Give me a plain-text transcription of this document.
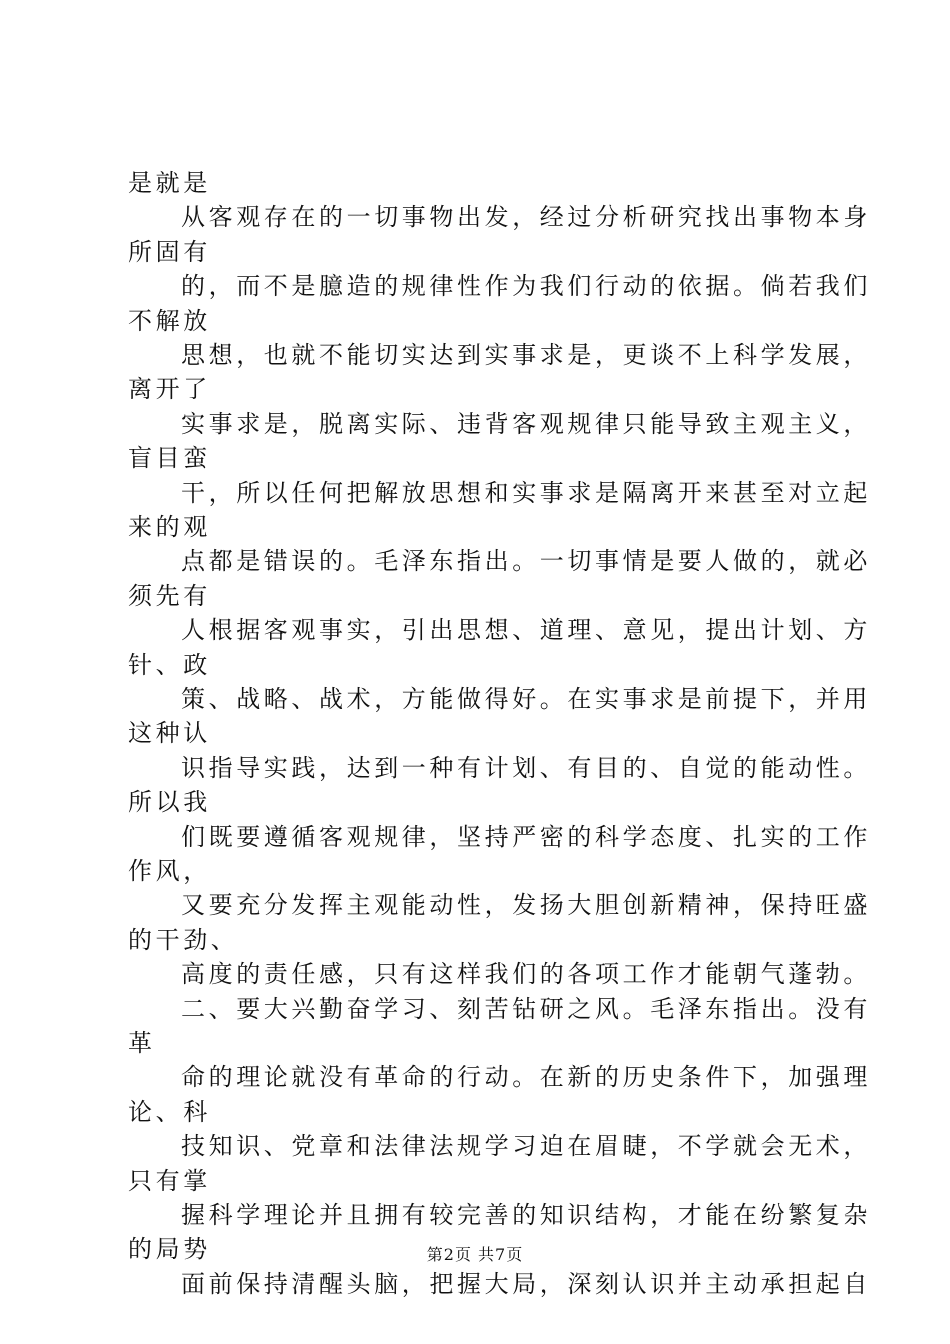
是就是
从客观存在的一切事物出发，经过分析研究找出事物本身
所固有
的，而不是臆造的规律性作为我们行动的依据。倘若我们
不解放
思想，也就不能切实达到实事求是，更谈不上科学发展，
离开了
实事求是，脱离实际、违背客观规律只能导致主观主义，
盲目蛮
干，所以任何把解放思想和实事求是隔离开来甚至对立起
来的观
点都是错误的。毛泽东指出。一切事情是要人做的，就必
须先有
人根据客观事实，引出思想、道理、意见，提出计划、方
针、政
策、战略、战术，方能做得好。在实事求是前提下，并用
这种认
识指导实践，达到一种有计划、有目的、自觉的能动性。
所以我
们既要遵循客观规律，坚持严密的科学态度、扎实的工作
作风，
又要充分发挥主观能动性，发扬大胆创新精神，保持旺盛
的干劲、
高度的责任感，只有这样我们的各项工作才能朝气蓬勃。
二、要大兴勤奋学习、刻苦钻研之风。毛泽东指出。没有
革
命的理论就没有革命的行动。在新的历史条件下，加强理
论、科
技知识、党章和法律法规学习迫在眉睫，不学就会无术，
只有掌
握科学理论并且拥有较完善的知识结构，才能在纷繁复杂
的局势
面前保持清醒头脑，把握大局，深刻认识并主动承担起自
第2页 共7页
